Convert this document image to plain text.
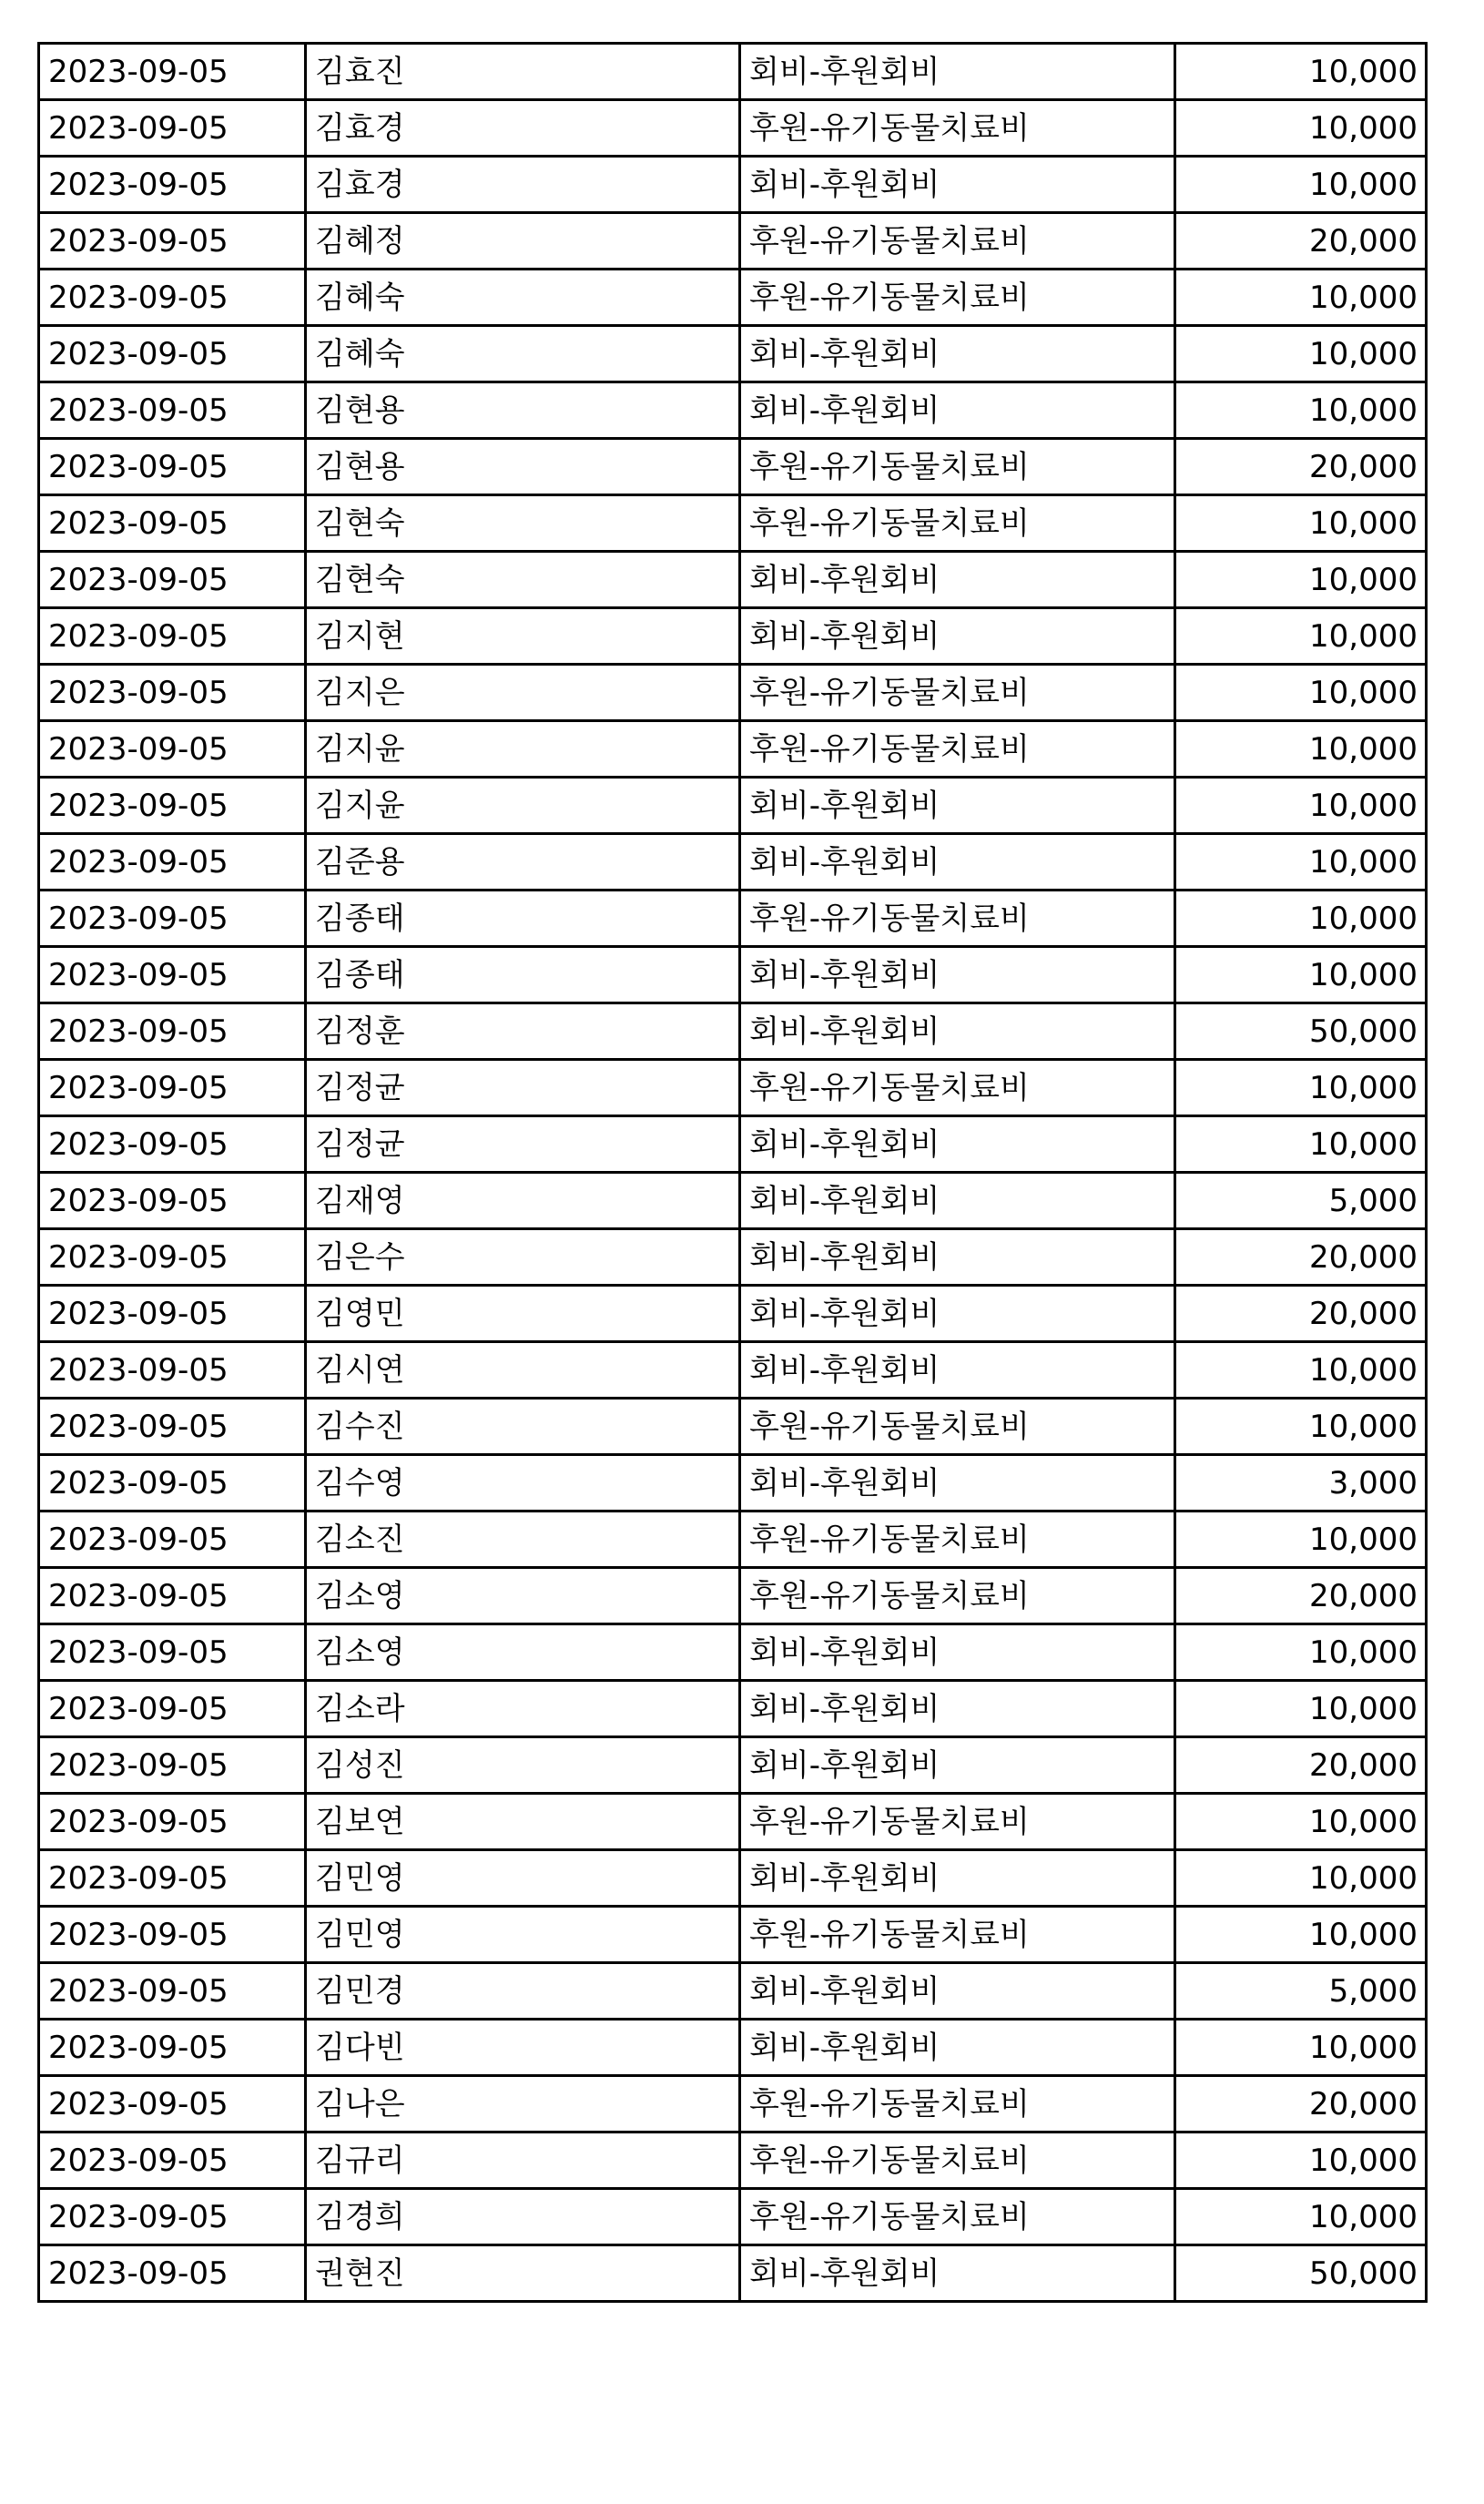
2023-09-05	김효진	회비-후원회비	10,000
2023-09-05	김효경	후원-유기동물치료비	10,000
2023-09-05	김효경	회비-후원회비	10,000
2023-09-05	김혜정	후원-유기동물치료비	20,000
2023-09-05	김혜숙	후원-유기동물치료비	10,000
2023-09-05	김혜숙	회비-후원회비	10,000
2023-09-05	김현용	회비-후원회비	10,000
2023-09-05	김현용	후원-유기동물치료비	20,000
2023-09-05	김현숙	후원-유기동물치료비	10,000
2023-09-05	김현숙	회비-후원회비	10,000
2023-09-05	김지현	회비-후원회비	10,000
2023-09-05	김지은	후원-유기동물치료비	10,000
2023-09-05	김지윤	후원-유기동물치료비	10,000
2023-09-05	김지윤	회비-후원회비	10,000
2023-09-05	김준용	회비-후원회비	10,000
2023-09-05	김종태	후원-유기동물치료비	10,000
2023-09-05	김종태	회비-후원회비	10,000
2023-09-05	김정훈	회비-후원회비	50,000
2023-09-05	김정균	후원-유기동물치료비	10,000
2023-09-05	김정균	회비-후원회비	10,000
2023-09-05	김재영	회비-후원회비	5,000
2023-09-05	김은수	회비-후원회비	20,000
2023-09-05	김영민	회비-후원회비	20,000
2023-09-05	김시연	회비-후원회비	10,000
2023-09-05	김수진	후원-유기동물치료비	10,000
2023-09-05	김수영	회비-후원회비	3,000
2023-09-05	김소진	후원-유기동물치료비	10,000
2023-09-05	김소영	후원-유기동물치료비	20,000
2023-09-05	김소영	회비-후원회비	10,000
2023-09-05	김소라	회비-후원회비	10,000
2023-09-05	김성진	회비-후원회비	20,000
2023-09-05	김보연	후원-유기동물치료비	10,000
2023-09-05	김민영	회비-후원회비	10,000
2023-09-05	김민영	후원-유기동물치료비	10,000
2023-09-05	김민경	회비-후원회비	5,000
2023-09-05	김다빈	회비-후원회비	10,000
2023-09-05	김나은	후원-유기동물치료비	20,000
2023-09-05	김규리	후원-유기동물치료비	10,000
2023-09-05	김경희	후원-유기동물치료비	10,000
2023-09-05	권현진	회비-후원회비	50,000
